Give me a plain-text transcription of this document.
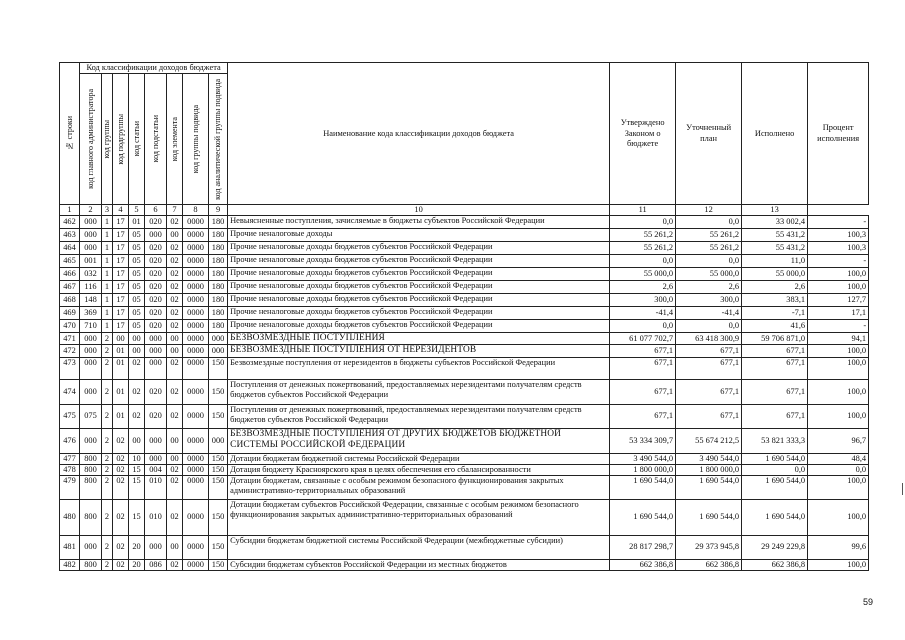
№ строки	Код классификации доходов бюджета								Наименование кода классификации доходов бюджета	Утверждено Законом о бюджете	Уточненный план	Исполнено	Процент исполнения

	код главного администратора	код группы	код подгруппы	код статьи	код подстатьи	код элемента	код группы подвида	код аналитической группы подвида					

1	2	3	4	5	6	7	8	9	10	11	12	13	
462	000	1	17	01	020	02	0000	180	Невыясненные поступления, зачисляемые в бюджеты субъектов Российской Федерации	0,0	0,0	33 002,4	-
463	000	1	17	05	000	00	0000	180	Прочие неналоговые доходы	55 261,2	55 261,2	55 431,2	100,3
464	000	1	17	05	020	02	0000	180	Прочие неналоговые доходы бюджетов субъектов Российской Федерации	55 261,2	55 261,2	55 431,2	100,3
465	001	1	17	05	020	02	0000	180	Прочие неналоговые доходы бюджетов субъектов Российской Федерации	0,0	0,0	11,0	-
466	032	1	17	05	020	02	0000	180	Прочие неналоговые доходы бюджетов субъектов Российской Федерации	55 000,0	55 000,0	55 000,0	100,0
467	116	1	17	05	020	02	0000	180	Прочие неналоговые доходы бюджетов субъектов Российской Федерации	2,6	2,6	2,6	100,0
468	148	1	17	05	020	02	0000	180	Прочие неналоговые доходы бюджетов субъектов Российской Федерации	300,0	300,0	383,1	127,7
469	369	1	17	05	020	02	0000	180	Прочие неналоговые доходы бюджетов субъектов Российской Федерации	-41,4	-41,4	-7,1	17,1
470	710	1	17	05	020	02	0000	180	Прочие неналоговые доходы бюджетов субъектов Российской Федерации	0,0	0,0	41,6	-
471	000	2	00	00	000	00	0000	000	БЕЗВОЗМЕЗДНЫЕ ПОСТУПЛЕНИЯ	61 077 702,7	63 418 300,9	59 706 871,0	94,1
472	000	2	01	00	000	00	0000	000	БЕЗВОЗМЕЗДНЫЕ ПОСТУПЛЕНИЯ ОТ НЕРЕЗИДЕНТОВ	677,1	677,1	677,1	100,0
473	000	2	01	02	000	02	0000	150	Безвозмездные поступления от нерезидентов в бюджеты субъектов Российской Федерации	677,1	677,1	677,1	100,0
474	000	2	01	02	020	02	0000	150	Поступления от денежных пожертвований, предоставляемых нерезидентами получателям средств бюджетов субъектов Российской Федерации	677,1	677,1	677,1	100,0
475	075	2	01	02	020	02	0000	150	Поступления от денежных пожертвований, предоставляемых нерезидентами получателям средств бюджетов субъектов Российской Федерации	677,1	677,1	677,1	100,0
476	000	2	02	00	000	00	0000	000	БЕЗВОЗМЕЗДНЫЕ ПОСТУПЛЕНИЯ ОТ ДРУГИХ БЮДЖЕТОВ БЮДЖЕТНОЙ СИСТЕМЫ РОССИЙСКОЙ ФЕДЕРАЦИИ	53 334 309,7	55 674 212,5	53 821 333,3	96,7
477	800	2	02	10	000	00	0000	150	Дотации бюджетам бюджетной системы Российской Федерации	3 490 544,0	3 490 544,0	1 690 544,0	48,4
478	800	2	02	15	004	02	0000	150	Дотация бюджету Красноярского края в целях обеспечения его сбалансированности	1 800 000,0	1 800 000,0	0,0	0,0
479	800	2	02	15	010	02	0000	150	Дотации бюджетам, связанные с особым режимом безопасного функционирования закрытых административно-территориальных образований	1 690 544,0	1 690 544,0	1 690 544,0	100,0
480	800	2	02	15	010	02	0000	150	Дотации бюджетам субъектов Российской Федерации, связанные с особым режимом безопасного функционирования закрытых административно-территориальных образований	1 690 544,0	1 690 544,0	1 690 544,0	100,0
481	000	2	02	20	000	00	0000	150	Субсидии бюджетам бюджетной системы Российской Федерации (межбюджетные субсидии)	28 817 298,7	29 373 945,8	29 249 229,8	99,6
482	800	2	02	20	086	02	0000	150	Субсидии бюджетам субъектов Российской Федерации из местных бюджетов	662 386,8	662 386,8	662 386,8	100,0
59
